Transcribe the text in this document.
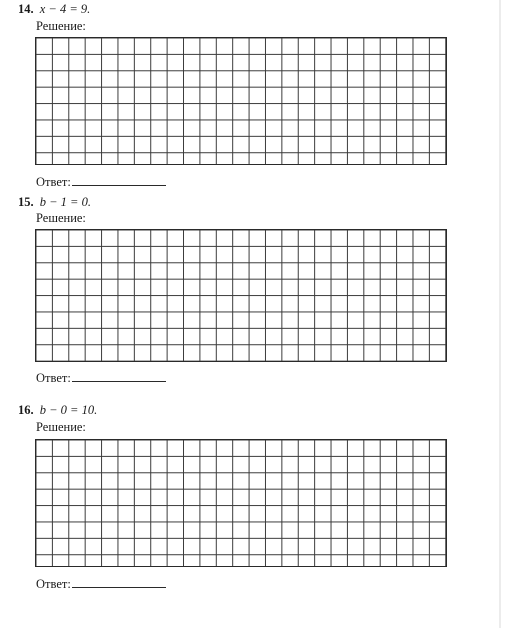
14. x − 4 = 9.
Решение:
Ответ:
15. b − 1 = 0.
Решение:
Ответ:
16. b − 0 = 10.
Решение:
Ответ:
